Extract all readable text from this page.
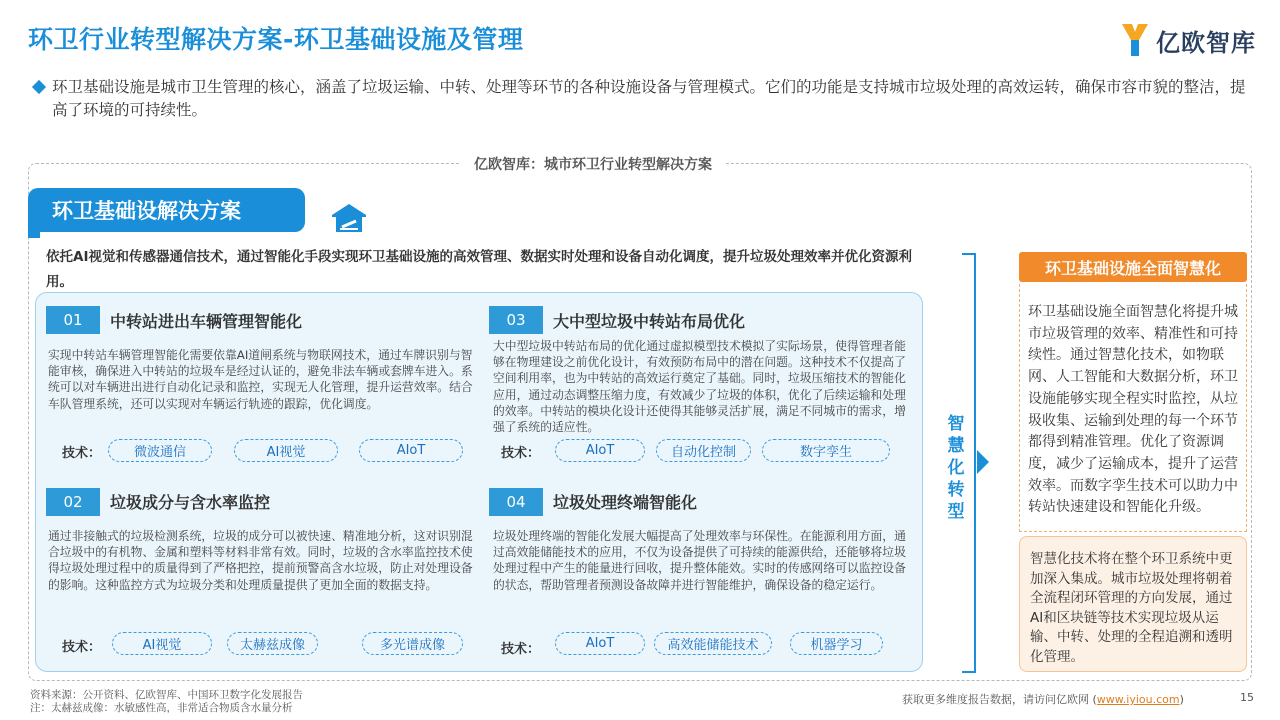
环卫行业转型解决方案-环卫基础设施及管理	亿欧智库

环卫基础设施是城市卫生管理的核心，涵盖了垃圾运输、中转、处理等环节的各种设施设备与管理模式。它们的功能是支持城市垃圾处理的高效运转，确保市容市貌的整洁，提高了环境的可持续性。

亿欧智库：城市环卫行业转型解决方案
环卫基础设解决方案
依托AI视觉和传感器通信技术，通过智能化手段实现环卫基础设施的高效管理、数据实时处理和设备自动化调度，提升垃圾处理效率并优化资源利用。
01	中转站进出车辆管理智能化
实现中转站车辆管理智能化需要依靠AI道闸系统与物联网技术，通过车牌识别与智能审核，确保进入中转站的垃圾车是经过认证的，避免非法车辆或套牌车进入。系统可以对车辆进出进行自动化记录和监控，实现无人化管理，提升运营效率。结合车队管理系统，还可以实现对车辆运行轨迹的跟踪，优化调度。
技术：	微波通信	AI视觉	AIoT
02	垃圾成分与含水率监控
通过非接触式的垃圾检测系统，垃圾的成分可以被快速、精准地分析，这对识别混合垃圾中的有机物、金属和塑料等材料非常有效。同时，垃圾的含水率监控技术使得垃圾处理过程中的质量得到了严格把控，提前预警高含水垃圾，防止对处理设备的影响。这种监控方式为垃圾分类和处理质量提供了更加全面的数据支持。
技术：	AI视觉	太赫兹成像	多光谱成像
03	大中型垃圾中转站布局优化
大中型垃圾中转站布局的优化通过虚拟模型技术模拟了实际场景，使得管理者能够在物理建设之前优化设计，有效预防布局中的潜在问题。这种技术不仅提高了空间利用率，也为中转站的高效运行奠定了基础。同时，垃圾压缩技术的智能化应用，通过动态调整压缩力度，有效减少了垃圾的体积，优化了后续运输和处理的效率。中转站的模块化设计还使得其能够灵活扩展，满足不同城市的需求，增强了系统的适应性。
技术：	AIoT	自动化控制	数字孪生
04	垃圾处理终端智能化
垃圾处理终端的智能化发展大幅提高了处理效率与环保性。在能源利用方面，通过高效能储能技术的应用，不仅为设备提供了可持续的能源供给，还能够将垃圾处理过程中产生的能量进行回收，提升整体能效。实时的传感网络可以监控设备的状态，帮助管理者预测设备故障并进行智能维护，确保设备的稳定运行。
技术：	AIoT	高效能储能技术	机器学习
智
慧
化
转
型
环卫基础设施全面智慧化
环卫基础设施全面智慧化将提升城市垃圾管理的效率、精准性和可持续性。通过智慧化技术，如物联网、人工智能和大数据分析，环卫设施能够实现全程实时监控，从垃圾收集、运输到处理的每一个环节都得到精准管理。优化了资源调度，减少了运输成本，提升了运营效率。而数字孪生技术可以助力中转站快速建设和智能化升级。
智慧化技术将在整个环卫系统中更加深入集成。城市垃圾处理将朝着全流程闭环管理的方向发展，通过AI和区块链等技术实现垃圾从运输、中转、处理的全程追溯和透明化管理。
资料来源：公开资料、亿欧智库、中国环卫数字化发展报告
注：太赫兹成像：水敏感性高，非常适合物质含水量分析
获取更多维度报告数据，请访问亿欧网 (www.iyiou.com)	15
